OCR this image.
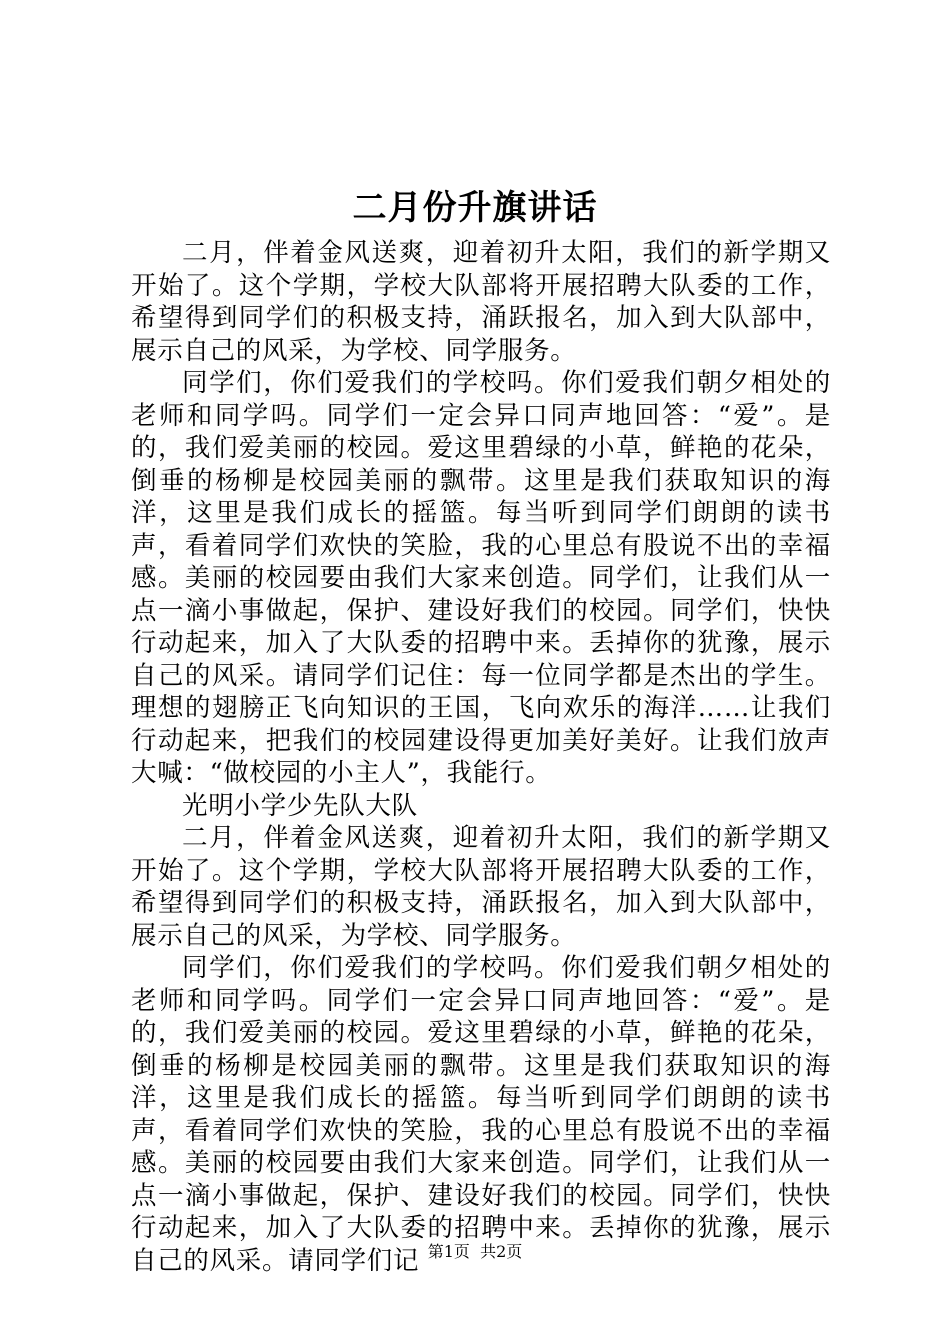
二月份升旗讲话

二月，伴着金风送爽，迎着初升太阳，我们的新学期又开始了。这个学期，学校大队部将开展招聘大队委的工作，希望得到同学们的积极支持，涌跃报名，加入到大队部中，展示自己的风采，为学校、同学服务。

同学们，你们爱我们的学校吗。你们爱我们朝夕相处的老师和同学吗。同学们一定会异口同声地回答：“爱”。是的，我们爱美丽的校园。爱这里碧绿的小草，鲜艳的花朵，倒垂的杨柳是校园美丽的飘带。这里是我们获取知识的海洋，这里是我们成长的摇篮。每当听到同学们朗朗的读书声，看着同学们欢快的笑脸，我的心里总有股说不出的幸福感。美丽的校园要由我们大家来创造。同学们，让我们从一点一滴小事做起，保护、建设好我们的校园。同学们，快快行动起来，加入了大队委的招聘中来。丢掉你的犹豫，展示自己的风采。请同学们记住：每一位同学都是杰出的学生。理想的翅膀正飞向知识的王国，飞向欢乐的海洋……让我们行动起来，把我们的校园建设得更加美好美好。让我们放声大喊：“做校园的小主人”，我能行。

光明小学少先队大队

二月，伴着金风送爽，迎着初升太阳，我们的新学期又开始了。这个学期，学校大队部将开展招聘大队委的工作，希望得到同学们的积极支持，涌跃报名，加入到大队部中，展示自己的风采，为学校、同学服务。

同学们，你们爱我们的学校吗。你们爱我们朝夕相处的老师和同学吗。同学们一定会异口同声地回答：“爱”。是的，我们爱美丽的校园。爱这里碧绿的小草，鲜艳的花朵，倒垂的杨柳是校园美丽的飘带。这里是我们获取知识的海洋，这里是我们成长的摇篮。每当听到同学们朗朗的读书声，看着同学们欢快的笑脸，我的心里总有股说不出的幸福感。美丽的校园要由我们大家来创造。同学们，让我们从一点一滴小事做起，保护、建设好我们的校园。同学们，快快行动起来，加入了大队委的招聘中来。丢掉你的犹豫，展示自己的风采。请同学们记 第1页 共2页
